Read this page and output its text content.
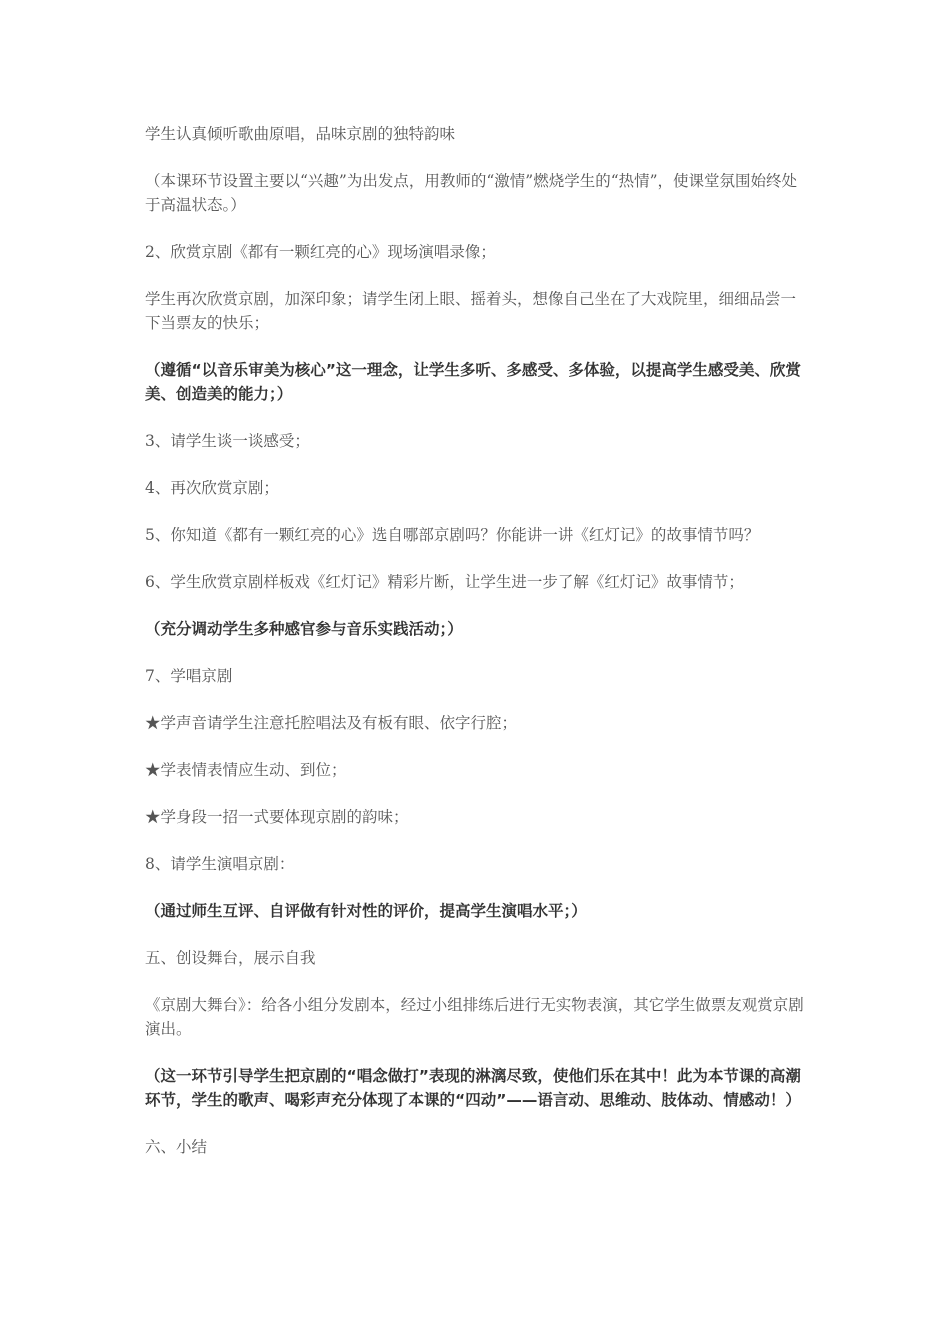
学生认真倾听歌曲原唱，品味京剧的独特韵味

（本课环节设置主要以“兴趣”为出发点，用教师的“激情”燃烧学生的“热情”，使课堂氛围始终处于高温状态。）

2、欣赏京剧《都有一颗红亮的心》现场演唱录像；

学生再次欣赏京剧，加深印象；请学生闭上眼、摇着头，想像自己坐在了大戏院里，细细品尝一下当票友的快乐；

（遵循“以音乐审美为核心”这一理念，让学生多听、多感受、多体验，以提高学生感受美、欣赏美、创造美的能力；）

3、请学生谈一谈感受；

4、再次欣赏京剧；

5、你知道《都有一颗红亮的心》选自哪部京剧吗？你能讲一讲《红灯记》的故事情节吗？

6、学生欣赏京剧样板戏《红灯记》精彩片断，让学生进一步了解《红灯记》故事情节；

（充分调动学生多种感官参与音乐实践活动；）

7、学唱京剧

★学声音请学生注意托腔唱法及有板有眼、依字行腔；

★学表情表情应生动、到位；

★学身段一招一式要体现京剧的韵味；

8、请学生演唱京剧：

（通过师生互评、自评做有针对性的评价，提高学生演唱水平；）

五、创设舞台，展示自我

《京剧大舞台》：给各小组分发剧本，经过小组排练后进行无实物表演，其它学生做票友观赏京剧演出。

（这一环节引导学生把京剧的“唱念做打”表现的淋漓尽致，使他们乐在其中！此为本节课的高潮环节，学生的歌声、喝彩声充分体现了本课的“四动”——语言动、思维动、肢体动、情感动！）

六、小结
